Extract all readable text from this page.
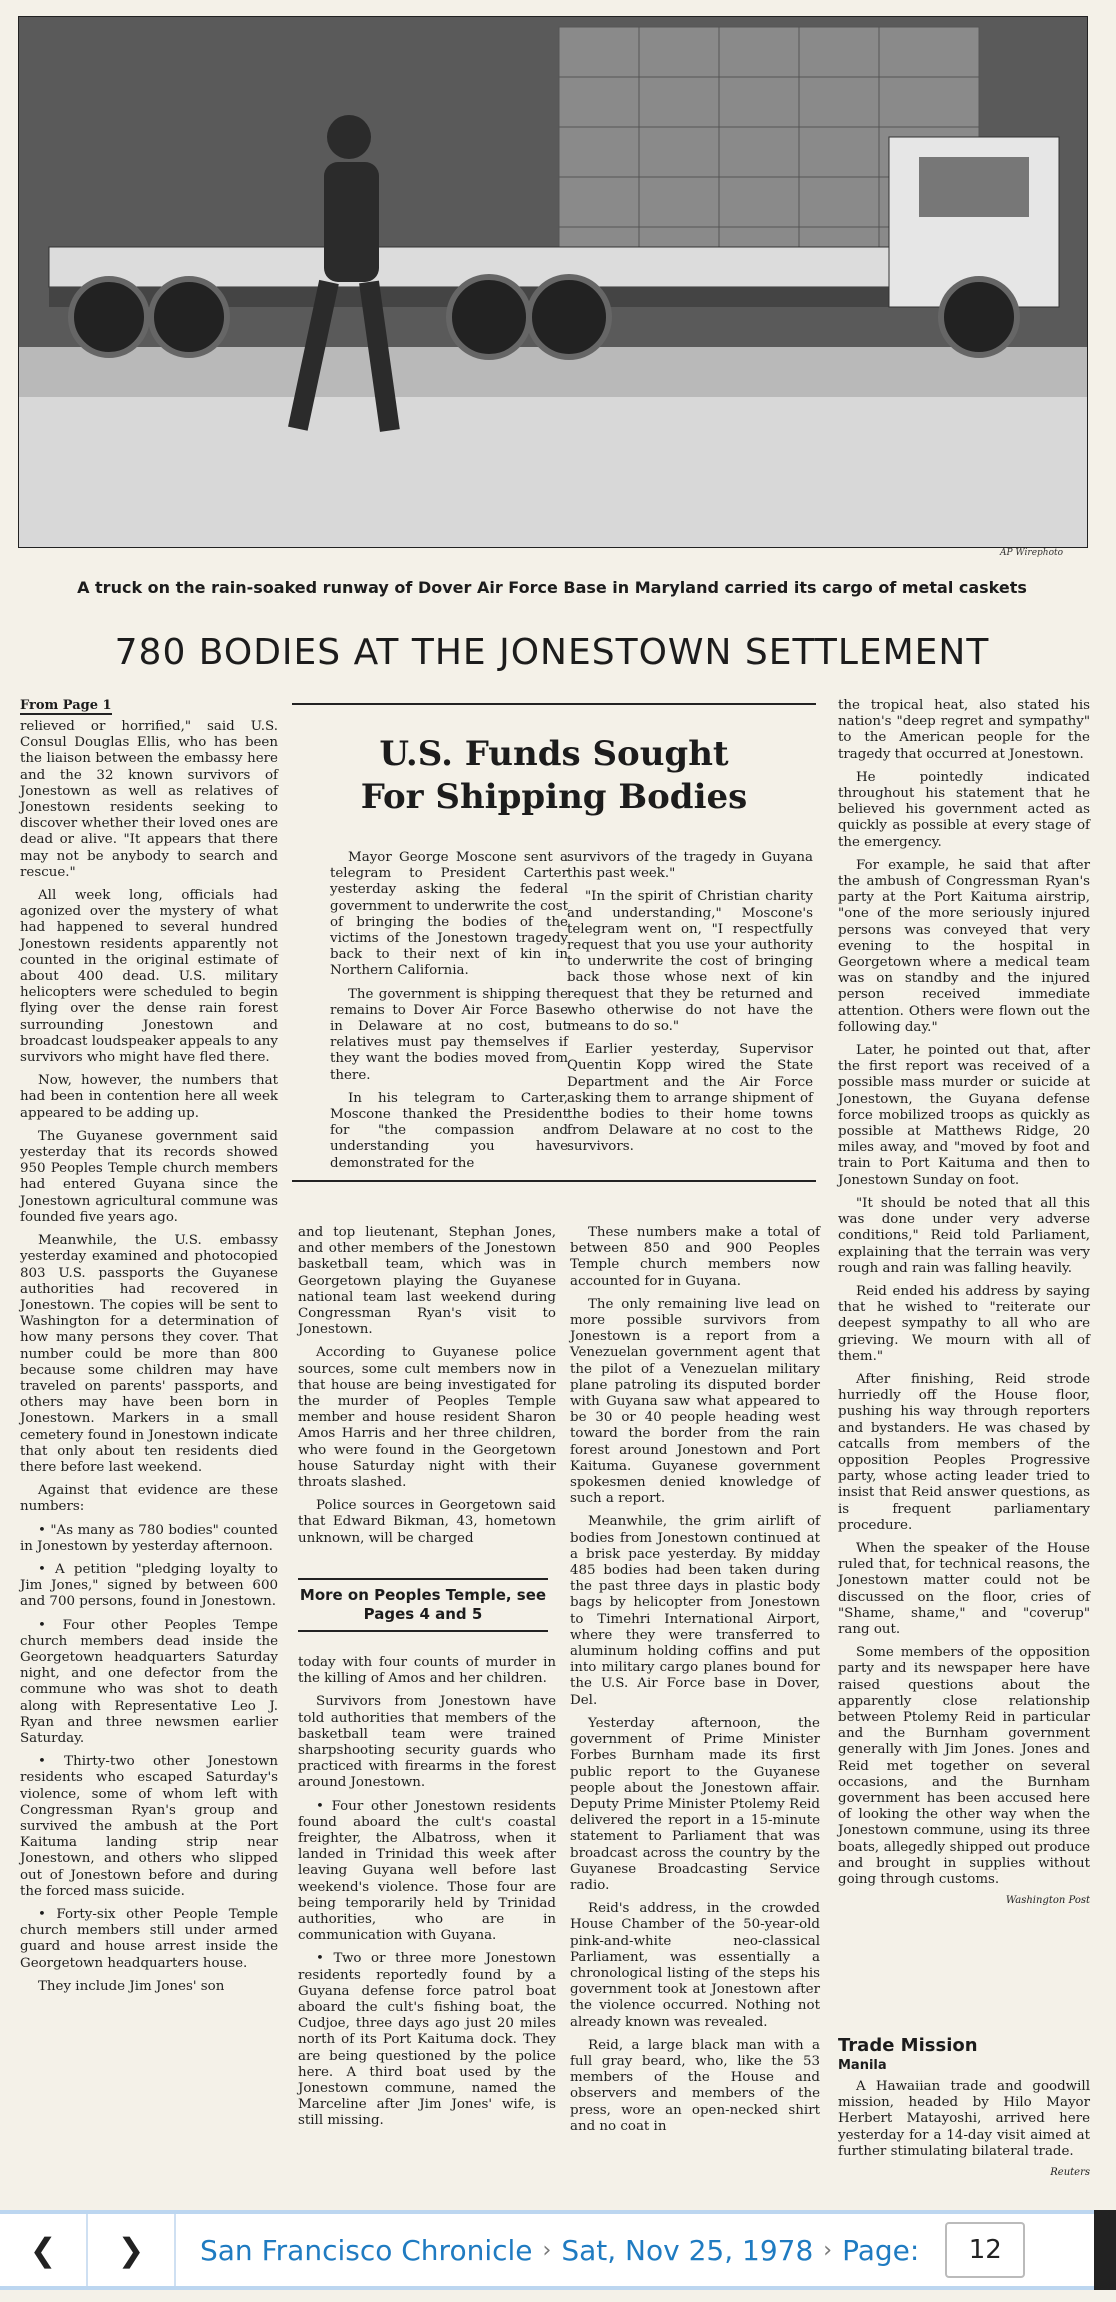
AP Wirephoto
A truck on the rain-soaked runway of Dover Air Force Base in Maryland carried its cargo of metal caskets
780 BODIES AT THE JONESTOWN SETTLEMENT
From Page 1

relieved or horrified," said U.S. Consul Douglas Ellis, who has been the liaison between the embassy here and the 32 known survivors of Jonestown as well as relatives of Jonestown residents seeking to discover whether their loved ones are dead or alive. "It appears that there may not be anybody to search and rescue."

All week long, officials had agonized over the mystery of what had happened to several hundred Jonestown residents apparently not counted in the original estimate of about 400 dead. U.S. military helicopters were scheduled to begin flying over the dense rain forest surrounding Jonestown and broadcast loudspeaker appeals to any survivors who might have fled there.

Now, however, the numbers that had been in contention here all week appeared to be adding up.

The Guyanese government said yesterday that its records showed 950 Peoples Temple church members had entered Guyana since the Jonestown agricultural commune was founded five years ago.

Meanwhile, the U.S. embassy yesterday examined and photocopied 803 U.S. passports the Guyanese authorities had recovered in Jonestown. The copies will be sent to Washington for a determination of how many persons they cover. That number could be more than 800 because some children may have traveled on parents' passports, and others may have been born in Jonestown. Markers in a small cemetery found in Jonestown indicate that only about ten residents died there before last weekend.

Against that evidence are these numbers:

• "As many as 780 bodies" counted in Jonestown by yesterday afternoon.

• A petition "pledging loyalty to Jim Jones," signed by between 600 and 700 persons, found in Jonestown.

• Four other Peoples Tempe church members dead inside the Georgetown headquarters Saturday night, and one defector from the commune who was shot to death along with Representative Leo J. Ryan and three newsmen earlier Saturday.

• Thirty-two other Jonestown residents who escaped Saturday's violence, some of whom left with Congressman Ryan's group and survived the ambush at the Port Kaituma landing strip near Jonestown, and others who slipped out of Jonestown before and during the forced mass suicide.

• Forty-six other People Temple church members still under armed guard and house arrest inside the Georgetown headquarters house.

They include Jim Jones' son

U.S. Funds Sought
For Shipping Bodies

Mayor George Moscone sent a telegram to President Carter yesterday asking the federal government to underwrite the cost of bringing the bodies of the victims of the Jonestown tragedy back to their next of kin in Northern California.

The government is shipping the remains to Dover Air Force Base in Delaware at no cost, but relatives must pay themselves if they want the bodies moved from there.

In his telegram to Carter, Moscone thanked the President for "the compassion and understanding you have demonstrated for the

survivors of the tragedy in Guyana this past week."

"In the spirit of Christian charity and understanding," Moscone's telegram went on, "I respectfully request that you use your authority to underwrite the cost of bringing back those whose next of kin request that they be returned and who otherwise do not have the means to do so."

Earlier yesterday, Supervisor Quentin Kopp wired the State Department and the Air Force asking them to arrange shipment of the bodies to their home towns from Delaware at no cost to the survivors.

and top lieutenant, Stephan Jones, and other members of the Jonestown basketball team, which was in Georgetown playing the Guyanese national team last weekend during Congressman Ryan's visit to Jonestown.

According to Guyanese police sources, some cult members now in that house are being investigated for the murder of Peoples Temple member and house resident Sharon Amos Harris and her three children, who were found in the Georgetown house Saturday night with their throats slashed.

Police sources in Georgetown said that Edward Bikman, 43, hometown unknown, will be charged

More on Peoples Temple, see Pages 4 and 5

today with four counts of murder in the killing of Amos and her children.

Survivors from Jonestown have told authorities that members of the basketball team were trained sharpshooting security guards who practiced with firearms in the forest around Jonestown.

• Four other Jonestown residents found aboard the cult's coastal freighter, the Albatross, when it landed in Trinidad this week after leaving Guyana well before last weekend's violence. Those four are being temporarily held by Trinidad authorities, who are in communication with Guyana.

• Two or three more Jonestown residents reportedly found by a Guyana defense force patrol boat aboard the cult's fishing boat, the Cudjoe, three days ago just 20 miles north of its Port Kaituma dock. They are being questioned by the police here. A third boat used by the Jonestown commune, named the Marceline after Jim Jones' wife, is still missing.

These numbers make a total of between 850 and 900 Peoples Temple church members now accounted for in Guyana.

The only remaining live lead on more possible survivors from Jonestown is a report from a Venezuelan government agent that the pilot of a Venezuelan military plane patroling its disputed border with Guyana saw what appeared to be 30 or 40 people heading west toward the border from the rain forest around Jonestown and Port Kaituma. Guyanese government spokesmen denied knowledge of such a report.

Meanwhile, the grim airlift of bodies from Jonestown continued at a brisk pace yesterday. By midday 485 bodies had been taken during the past three days in plastic body bags by helicopter from Jonestown to Timehri International Airport, where they were transferred to aluminum holding coffins and put into military cargo planes bound for the U.S. Air Force base in Dover, Del.

Yesterday afternoon, the government of Prime Minister Forbes Burnham made its first public report to the Guyanese people about the Jonestown affair. Deputy Prime Minister Ptolemy Reid delivered the report in a 15-minute statement to Parliament that was broadcast across the country by the Guyanese Broadcasting Service radio.

Reid's address, in the crowded House Chamber of the 50-year-old pink-and-white neo-classical Parliament, was essentially a chronological listing of the steps his government took at Jonestown after the violence occurred. Nothing not already known was revealed.

Reid, a large black man with a full gray beard, who, like the 53 members of the House and observers and members of the press, wore an open-necked shirt and no coat in

the tropical heat, also stated his nation's "deep regret and sympathy" to the American people for the tragedy that occurred at Jonestown.

He pointedly indicated throughout his statement that he believed his government acted as quickly as possible at every stage of the emergency.

For example, he said that after the ambush of Congressman Ryan's party at the Port Kaituma airstrip, "one of the more seriously injured persons was conveyed that very evening to the hospital in Georgetown where a medical team was on standby and the injured person received immediate attention. Others were flown out the following day."

Later, he pointed out that, after the first report was received of a possible mass murder or suicide at Jonestown, the Guyana defense force mobilized troops as quickly as possible at Matthews Ridge, 20 miles away, and "moved by foot and train to Port Kaituma and then to Jonestown Sunday on foot.

"It should be noted that all this was done under very adverse conditions," Reid told Parliament, explaining that the terrain was very rough and rain was falling heavily.

Reid ended his address by saying that he wished to "reiterate our deepest sympathy to all who are grieving. We mourn with all of them."

After finishing, Reid strode hurriedly off the House floor, pushing his way through reporters and bystanders. He was chased by catcalls from members of the opposition Peoples Progressive party, whose acting leader tried to insist that Reid answer questions, as is frequent parliamentary procedure.

When the speaker of the House ruled that, for technical reasons, the Jonestown matter could not be discussed on the floor, cries of "Shame, shame," and "coverup" rang out.

Some members of the opposition party and its newspaper here have raised questions about the apparently close relationship between Ptolemy Reid in particular and the Burnham government generally with Jim Jones. Jones and Reid met together on several occasions, and the Burnham government has been accused here of looking the other way when the Jonestown commune, using its three boats, allegedly shipped out produce and brought in supplies without going through customs.

Washington Post
Trade Mission
Manila

A Hawaiian trade and goodwill mission, headed by Hilo Mayor Herbert Matayoshi, arrived here yesterday for a 14-day visit aimed at further stimulating bilateral trade.

Reuters
❮	❯	San Francisco Chronicle › Sat, Nov 25, 1978 › Page:	12
